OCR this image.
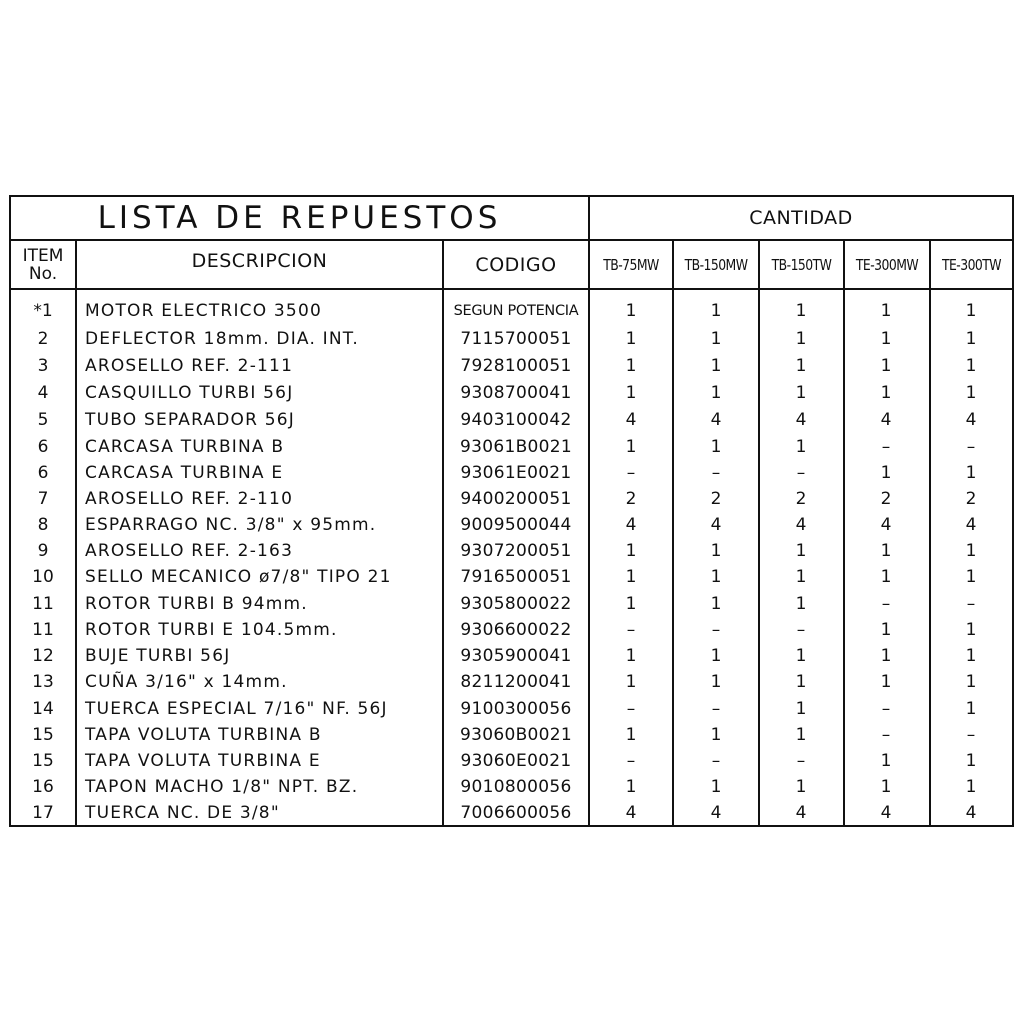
LISTA DE REPUESTOS	CANTIDAD
ITEM
No.
DESCRIPCION	CODIGO	TB-75MW	TB-150MW	TB-150TW	TE-300MW	TE-300TW
*1	MOTOR ELECTRICO 3500	SEGUN POTENCIA	1	1	1	1	1
2	DEFLECTOR 18mm. DIA. INT.	7115700051	1	1	1	1	1
3	AROSELLO REF. 2-111	7928100051	1	1	1	1	1
4	CASQUILLO TURBI 56J	9308700041	1	1	1	1	1
5	TUBO SEPARADOR 56J	9403100042	4	4	4	4	4
6	CARCASA TURBINA B	93061B0021	1	1	1	–	–
6	CARCASA TURBINA E	93061E0021	–	–	–	1	1
7	AROSELLO REF. 2-110	9400200051	2	2	2	2	2
8	ESPARRAGO NC. 3/8" x 95mm.	9009500044	4	4	4	4	4
9	AROSELLO REF. 2-163	9307200051	1	1	1	1	1
10	SELLO MECANICO ø7/8" TIPO 21	7916500051	1	1	1	1	1
11	ROTOR TURBI B 94mm.	9305800022	1	1	1	–	–
11	ROTOR TURBI E 104.5mm.	9306600022	–	–	–	1	1
12	BUJE TURBI 56J	9305900041	1	1	1	1	1
13	CUÑA 3/16" x 14mm.	8211200041	1	1	1	1	1
14	TUERCA ESPECIAL 7/16" NF. 56J	9100300056	–	–	1	–	1
15	TAPA VOLUTA TURBINA B	93060B0021	1	1	1	–	–
15	TAPA VOLUTA TURBINA E	93060E0021	–	–	–	1	1
16	TAPON MACHO 1/8" NPT. BZ.	9010800056	1	1	1	1	1
17	TUERCA NC. DE 3/8"	7006600056	4	4	4	4	4
